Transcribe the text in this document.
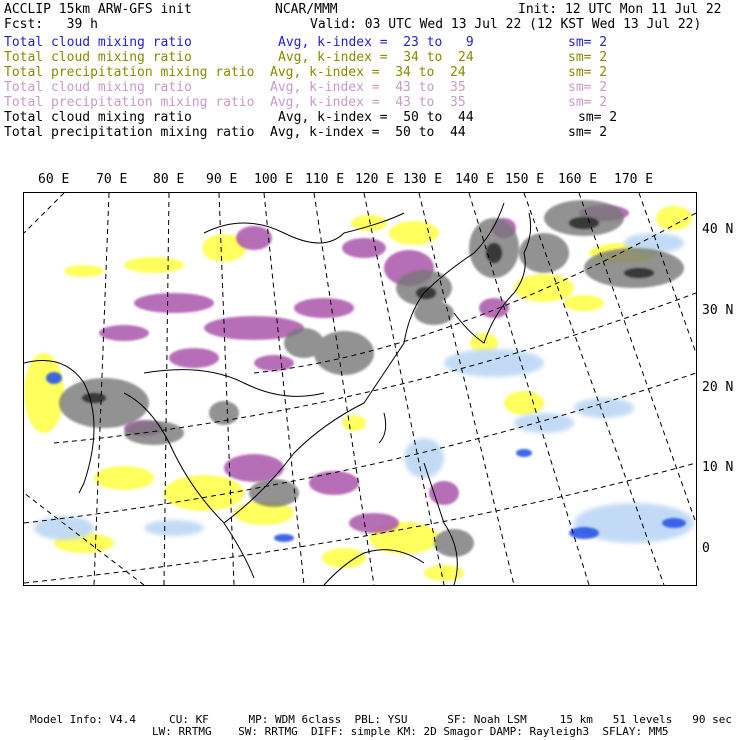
ACCLIP 15km ARW-GFS init	NCAR/MMM	Init: 12 UTC Mon 11 Jul 22
Fcst:   39 h	Valid: 03 UTC Wed 13 Jul 22 (12 KST Wed 13 Jul 22)
Total cloud mixing ratio	Avg, k-index =  23 to   9	sm= 2
Total cloud mixing ratio	Avg, k-index =  34 to  24	sm= 2
Total precipitation mixing ratio Avg, k-index =  34 to  24	sm= 2
Total cloud mixing ratio	Avg, k-index =  43 to  35	sm= 2
Total precipitation mixing ratio Avg, k-index =  43 to  35	sm= 2
Total cloud mixing ratio	Avg, k-index =  50 to  44	sm= 2
Total precipitation mixing ratio Avg, k-index =  50 to  44	sm= 2
60 E 70 E 80 E 90 E 100 E 110 E 120 E 130 E 140 E 150 E 160 E 170 E
40 N
30 N
20 N
10 N
0
Model Info: V4.4     CU: KF      MP: WDM 6class  PBL: YSU      SF: Noah LSM     15 km   51 levels   90 sec
LW: RRTMG    SW: RRTMG  DIFF: simple KM: 2D Smagor DAMP: Rayleigh3  SFLAY: MM5
